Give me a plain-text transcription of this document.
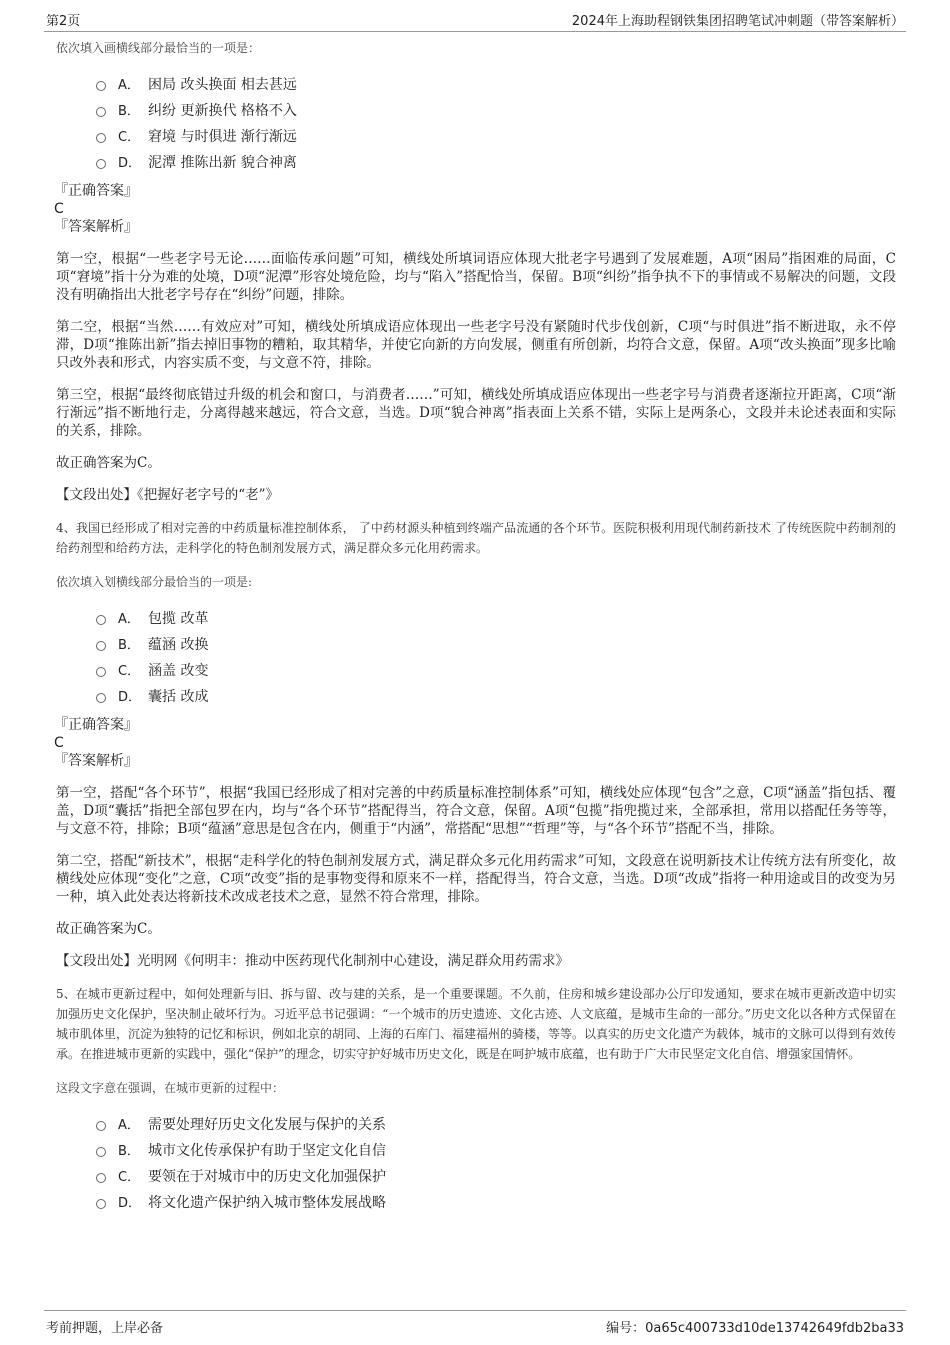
第2页	2024年上海助程钢铁集团招聘笔试冲刺题（带答案解析）
依次填入画横线部分最恰当的一项是：
A． 困局 改头换面 相去甚远
B． 纠纷 更新换代 格格不入
C． 窘境 与时俱进 渐行渐远
D． 泥潭 推陈出新 貌合神离
『正确答案』
C
『答案解析』
第一空，根据“一些老字号无论……面临传承问题”可知，横线处所填词语应体现大批老字号遇到了发展难题，A项“困局”指困难的局面，C项“窘境”指十分为难的处境，D项“泥潭”形容处境危险，均与“陷入”搭配恰当，保留。B项“纠纷”指争执不下的事情或不易解决的问题，文段没有明确指出大批老字号存在“纠纷”问题，排除。
第二空，根据“当然……有效应对”可知，横线处所填成语应体现出一些老字号没有紧随时代步伐创新，C项“与时俱进”指不断进取，永不停滞，D项“推陈出新”指去掉旧事物的糟粕，取其精华，并使它向新的方向发展，侧重有所创新，均符合文意，保留。A项“改头换面”现多比喻只改外表和形式，内容实质不变，与文意不符，排除。
第三空，根据“最终彻底错过升级的机会和窗口，与消费者……”可知，横线处所填成语应体现出一些老字号与消费者逐渐拉开距离，C项“渐行渐远”指不断地行走，分离得越来越远，符合文意，当选。D项“貌合神离”指表面上关系不错，实际上是两条心，文段并未论述表面和实际的关系，排除。
故正确答案为C。
【文段出处】《把握好老字号的“老”》
4、我国已经形成了相对完善的中药质量标准控制体系， 了中药材源头种植到终端产品流通的各个环节。医院积极利用现代制药新技术 了传统医院中药制剂的给药剂型和给药方法，走科学化的特色制剂发展方式，满足群众多元化用药需求。
依次填入划横线部分最恰当的一项是:
A． 包揽 改革
B． 蕴涵 改换
C． 涵盖 改变
D． 囊括 改成
『正确答案』
C
『答案解析』
第一空，搭配“各个环节”，根据“我国已经形成了相对完善的中药质量标准控制体系”可知，横线处应体现“包含”之意，C项“涵盖”指包括、覆盖，D项“囊括”指把全部包罗在内，均与“各个环节”搭配得当，符合文意，保留。A项“包揽”指兜揽过来，全部承担，常用以搭配任务等等，与文意不符，排除；B项“蕴涵”意思是包含在内，侧重于“内涵”，常搭配“思想”“哲理”等，与“各个环节”搭配不当，排除。
第二空，搭配“新技术”，根据“走科学化的特色制剂发展方式，满足群众多元化用药需求”可知，文段意在说明新技术让传统方法有所变化，故横线处应体现“变化”之意，C项“改变”指的是事物变得和原来不一样，搭配得当，符合文意，当选。D项“改成”指将一种用途或目的改变为另一种，填入此处表达将新技术改成老技术之意，显然不符合常理，排除。
故正确答案为C。
【文段出处】光明网《何明丰：推动中医药现代化制剂中心建设，满足群众用药需求》
5、在城市更新过程中，如何处理新与旧、拆与留、改与建的关系，是一个重要课题。不久前，住房和城乡建设部办公厅印发通知，要求在城市更新改造中切实加强历史文化保护，坚决制止破坏行为。习近平总书记强调：“一个城市的历史遗迹、文化古迹、人文底蕴，是城市生命的一部分。”历史文化以各种方式保留在城市肌体里，沉淀为独特的记忆和标识，例如北京的胡同、上海的石库门、福建福州的骑楼，等等。以真实的历史文化遗产为载体，城市的文脉可以得到有效传承。在推进城市更新的实践中，强化“保护”的理念，切实守护好城市历史文化，既是在呵护城市底蕴，也有助于广大市民坚定文化自信、增强家国情怀。
这段文字意在强调，在城市更新的过程中：
A． 需要处理好历史文化发展与保护的关系
B． 城市文化传承保护有助于坚定文化自信
C． 要领在于对城市中的历史文化加强保护
D． 将文化遗产保护纳入城市整体发展战略
考前押题，上岸必备	编号：0a65c400733d10de13742649fdb2ba33
